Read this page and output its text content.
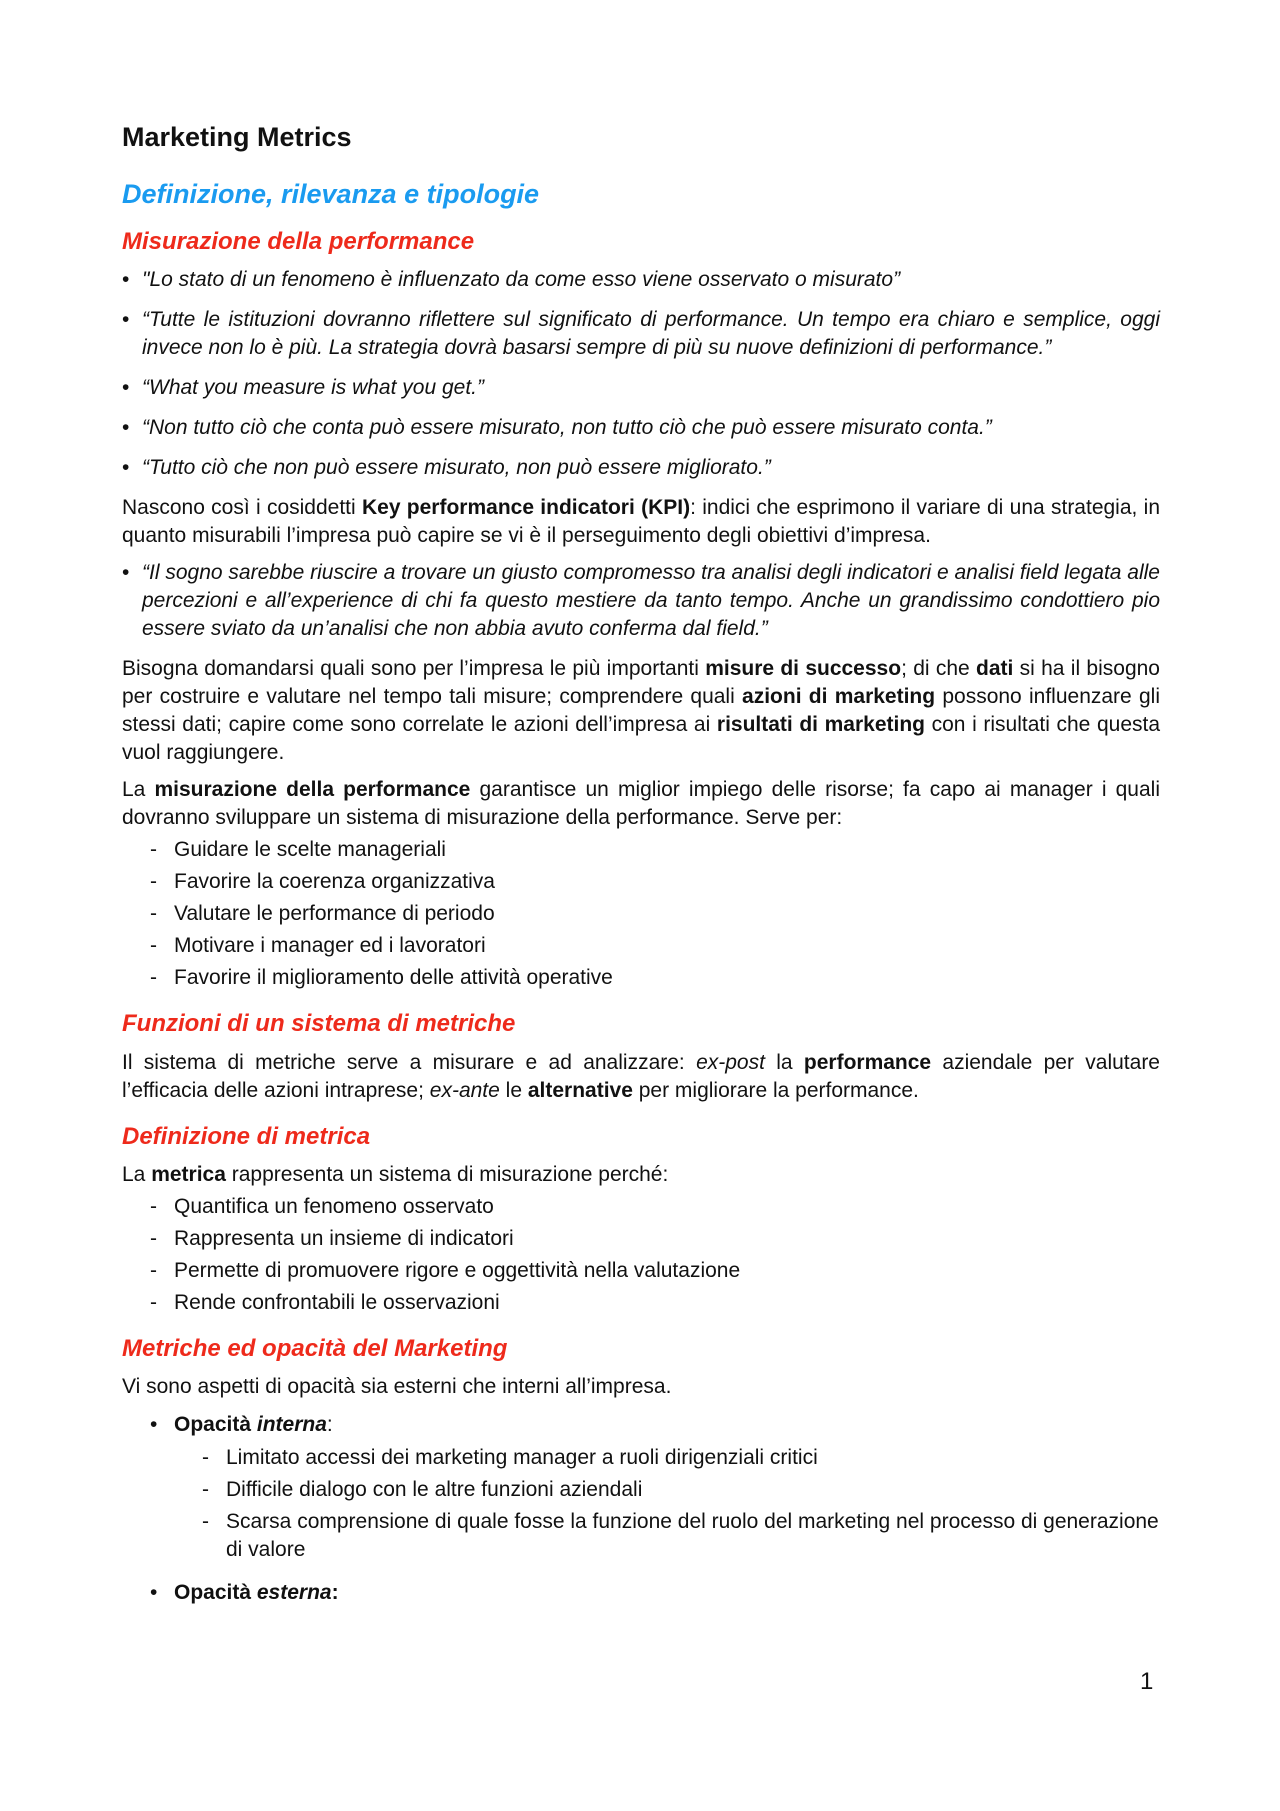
Marketing Metrics
Definizione, rilevanza e tipologie
Misurazione della performance
• "Lo stato di un fenomeno è influenzato da come esso viene osservato o misurato”
• “Tutte le istituzioni dovranno riflettere sul significato di performance. Un tempo era chiaro e semplice, oggi invece non lo è più. La strategia dovrà basarsi sempre di più su nuove definizioni di performance.”
• “What you measure is what you get.”
• “Non tutto ciò che conta può essere misurato, non tutto ciò che può essere misurato conta.”
• “Tutto ciò che non può essere misurato, non può essere migliorato.”

Nascono così i cosiddetti Key performance indicatori (KPI): indici che esprimono il variare di una strategia, in quanto misurabili l’impresa può capire se vi è il perseguimento degli obiettivi d’impresa.

• “Il sogno sarebbe riuscire a trovare un giusto compromesso tra analisi degli indicatori e analisi field legata alle percezioni e all’experience di chi fa questo mestiere da tanto tempo. Anche un grandissimo condottiero pio essere sviato da un’analisi che non abbia avuto conferma dal field.”

Bisogna domandarsi quali sono per l’impresa le più importanti misure di successo; di che dati si ha il bisogno per costruire e valutare nel tempo tali misure; comprendere quali azioni di marketing possono influenzare gli stessi dati; capire come sono correlate le azioni dell’impresa ai risultati di marketing con i risultati che questa vuol raggiungere.

La misurazione della performance garantisce un miglior impiego delle risorse; fa capo ai manager i quali dovranno sviluppare un sistema di misurazione della performance. Serve per:

- Guidare le scelte manageriali
- Favorire la coerenza organizzativa
- Valutare le performance di periodo
- Motivare i manager ed i lavoratori
- Favorire il miglioramento delle attività operative
Funzioni di un sistema di metriche

Il sistema di metriche serve a misurare e ad analizzare: ex-post la performance aziendale per valutare l’efficacia delle azioni intraprese; ex-ante le alternative per migliorare la performance.

Definizione di metrica

La metrica rappresenta un sistema di misurazione perché:

- Quantifica un fenomeno osservato
- Rappresenta un insieme di indicatori
- Permette di promuovere rigore e oggettività nella valutazione
- Rende confrontabili le osservazioni
Metriche ed opacità del Marketing

Vi sono aspetti di opacità sia esterni che interni all’impresa.

• Opacità interna:
- Limitato accessi dei marketing manager a ruoli dirigenziali critici
- Difficile dialogo con le altre funzioni aziendali
- Scarsa comprensione di quale fosse la funzione del ruolo del marketing nel processo di generazione di valore
• Opacità esterna:
1
